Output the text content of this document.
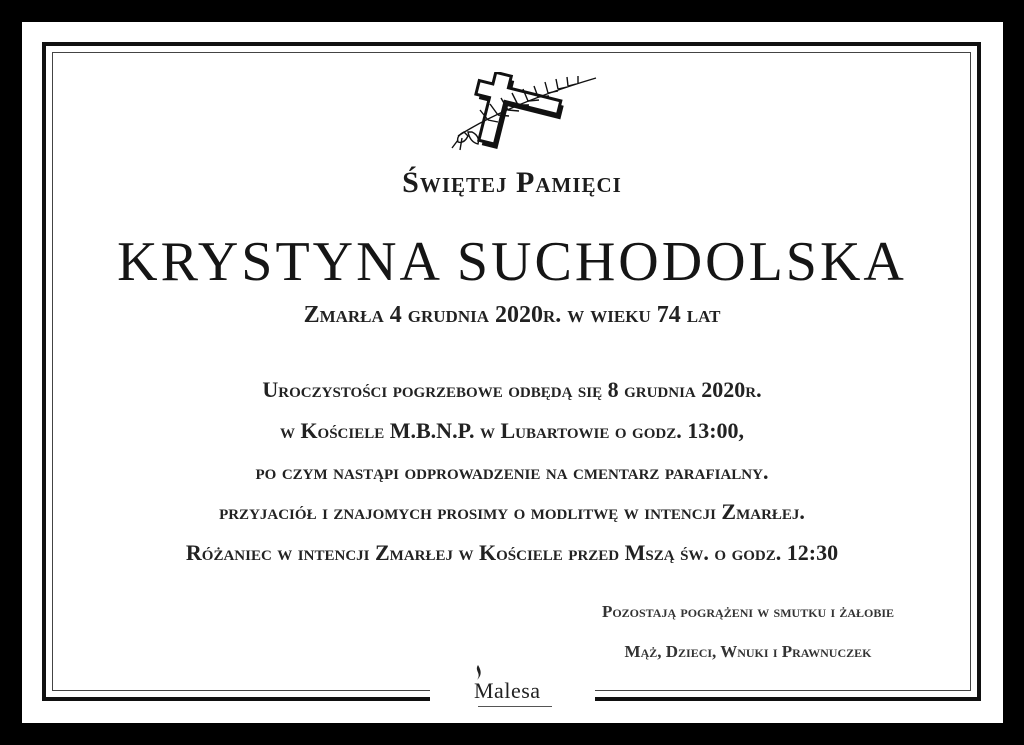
Świętej Pamięci
KRYSTYNA SUCHODOLSKA
Zmarła 4 grudnia 2020r. w wieku 74 lat
Uroczystości pogrzebowe odbędą się 8 grudnia 2020r.
w Kościele M.B.N.P. w Lubartowie o godz. 13:00,
po czym nastąpi odprowadzenie na cmentarz parafialny.
przyjaciół i znajomych prosimy o modlitwę w intencji Zmarłej.
Różaniec w intencji Zmarłej w Kościele przed Mszą św. o godz. 12:30
Pozostają pogrążeni w smutku i żałobie
Mąż, Dzieci, Wnuki i Prawnuczek
Malesa
